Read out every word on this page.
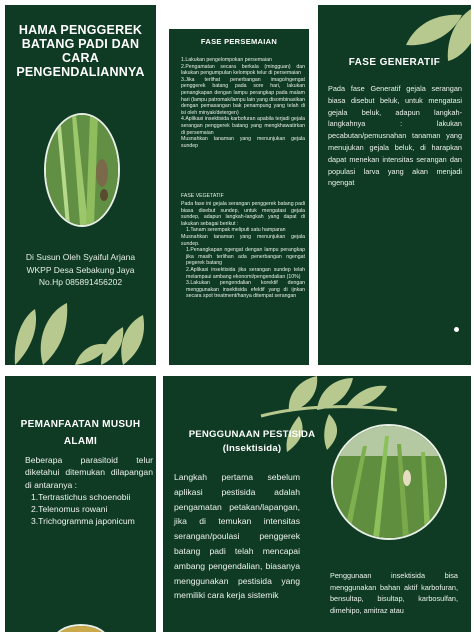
HAMA PENGGEREK BATANG PADI DAN CARA PENGENDALIANNYA
Di Susun Oleh Syaiful Arjana
WKPP Desa Sebakung Jaya
No.Hp 085891456202
FASE PERSEMAIAN

1.Lakukan pengelompokan persemaian

2.Pengamatan secara berkala (mingguan) dan lakukan pengumpulan kelompok telur di persemaian

3.Jika terlihat penerbangan imago/ngengat penggerek batang pada sore hari, lakukan penangkapan dengan lampu perangkap pada malam hari (lampu patromak/lampu lain yang disombinasikan dengan pemasangan bak penampung yang telah di isi oleh minyak/detergen)

4.Aplikasi insektisida karbofuran apabila terjadi gejala serangan penggerek batang yang mengkhawatirkan di persemaian

Musnahkan tanaman yang menunjukan gejala sundep

FASE VEGETATIF

Pada fase ini gejala serangan penggerek batang padi biasa disebut sundep, untuk mengatasi gejala sundep, adapun langkah-langkah yang dapat di lakukan sebagai berikut :

1.Tanam serempak meliputi satu hamparan

Musnahkan tanaman yang menunjukan gejala sundep.

1.Penangkapan ngengat dengan lampu perangkap jika masih terlihan ada penerbangan ngengat pegerek batang

2.Aplikasi insektisida jika serangan sundep telah melampaui ambang ekonomi/pengendalian (10%)

3.Lakukan pengendalian korektif dengan menggunakan insektisida efektif yang di ijnkan secara spot treatment/hanya ditempat serangan

FASE GENERATIF
Pada fase Generatif gejala serangan biasa disebut beluk, untuk mengatasi gejala beluk, adapun langkah-langkahnya : lakukan pecabutan/pemusnahan tanaman yang menujukan gejala beluk, di harapkan dapat menekan intensitas serangan dan populasi larva yang akan menjadi ngengat
PEMANFAATAN MUSUH ALAMI

Beberapa parasitoid telur diketahui ditemukan dilapangan di antaranya :

1.Tertrastichus schoenobii

2.Telenomus rowani

3.Trichogramma japonicum

PENGGUNAAN PESTISIDA
(Insektisida)
Langkah pertama sebelum aplikasi pestisida adalah pengamatan petakan/lapangan, jika di temukan intensitas serangan/poulasi penggerek batang padi telah mencapai ambang pengendalian, biasanya menggunakan pestisida yang memiliki cara kerja sistemik
Penggunaan insektisida bisa menggunakan bahan aktif karbofuran, bensultap, bisultap, karbosulfan, dimehipo, amitraz atau
